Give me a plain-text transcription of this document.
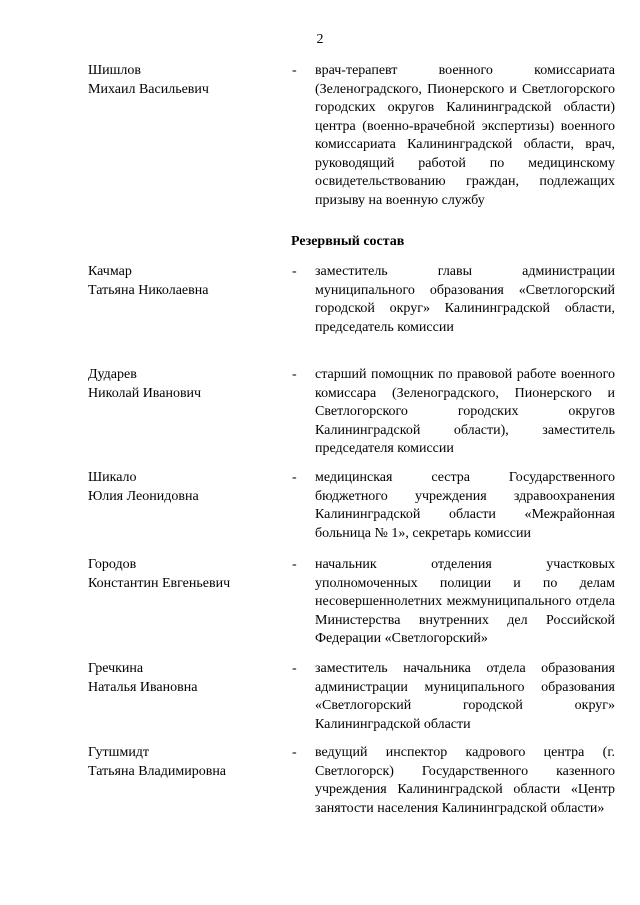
2
Шишлов
Михаил Васильевич
- врач-терапевт военного комиссариата (Зеленоградского, Пионерского и Светлогорского городских округов Калининградской области) центра (военно-врачебной экспертизы) военного комиссариата Калининградской области, врач, руководящий работой по медицинскому освидетельствованию граждан, подлежащих призыву на военную службу
Резервный состав
Качмар
Татьяна Николаевна
- заместитель главы администрации муниципального образования «Светлогорский городской округ» Калининградской области, председатель комиссии
Дударев
Николай Иванович
- старший помощник по правовой работе военного комиссара (Зеленоградского, Пионерского и Светлогорского городских округов Калининградской области), заместитель председателя комиссии
Шикало
Юлия Леонидовна
- медицинская сестра Государственного бюджетного учреждения здравоохранения Калининградской области «Межрайонная больница № 1», секретарь комиссии
Городов
Константин Евгеньевич
- начальник отделения участковых уполномоченных полиции и по делам несовершеннолетних межмуниципального отдела Министерства внутренних дел Российской Федерации «Светлогорский»
Гречкина
Наталья Ивановна
- заместитель начальника отдела образования администрации муниципального образования «Светлогорский городской округ» Калининградской области
Гутшмидт
Татьяна Владимировна
- ведущий инспектор кадрового центра (г. Светлогорск) Государственного казенного учреждения Калининградской области «Центр занятости населения Калининградской области»
